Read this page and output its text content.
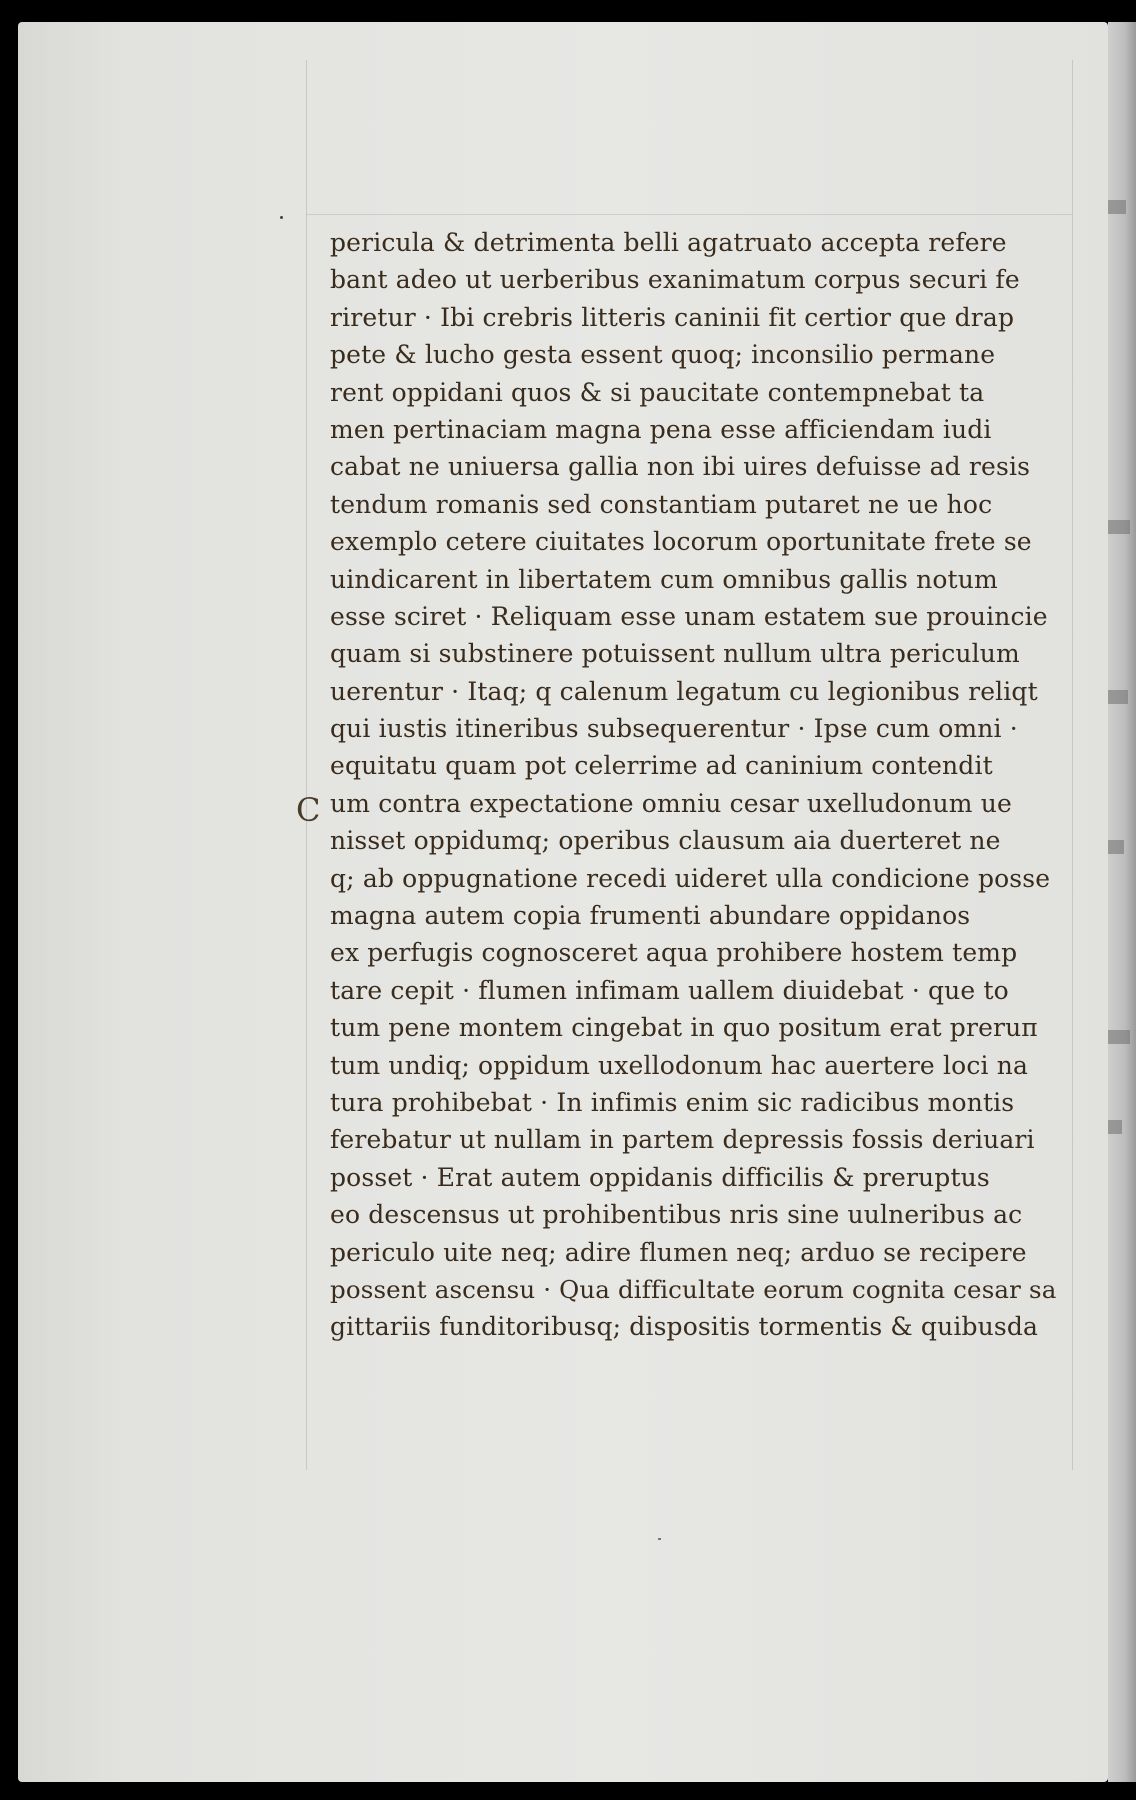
C
pericula & detrimenta belli agatruato accepta refere
bant adeo ut uerberibus exanimatum corpus securi fe
riretur · Ibi crebris litteris caninii fit certior que drap
pete & lucho gesta essent quoq; inconsilio permane
rent oppidani quos & si paucitate contempnebat ta
men pertinaciam magna pena esse afficiendam iudi
cabat ne uniuersa gallia non ibi uires defuisse ad resis
tendum romanis sed constantiam putaret ne ue hoc
exemplo cetere ciuitates locorum oportunitate frete se
uindicarent in libertatem cum omnibus gallis notum
esse sciret · Reliquam esse unam estatem sue prouincie
quam si substinere potuissent nullum ultra periculum
uerentur · Itaq; q calenum legatum cu legionibus reliqt
qui iustis itineribus subsequerentur · Ipse cum omni ·
equitatu quam pot celerrime ad caninium contendit
um contra expectatione omniu cesar uxelludonum ue
nisset oppidumq; operibus clausum aia duerteret ne
q; ab oppugnatione recedi uideret ulla condicione posse
magna autem copia frumenti abundare oppidanos
ex perfugis cognosceret aqua prohibere hostem temp
tare cepit · flumen infimam uallem diuidebat · que to
tum pene montem cingebat in quo positum erat preruп
tum undiq; oppidum uxellodonum hac auertere loci na
tura prohibebat · In infimis enim sic radicibus montis
ferebatur ut nullam in partem depressis fossis deriuari
posset · Erat autem oppidanis difficilis & preruptus
eo descensus ut prohibentibus nris sine uulneribus ac
periculo uite neq; adire flumen neq; arduo se recipere
possent ascensu · Qua difficultate eorum cognita cesar sa
gittariis funditoribusq; dispositis tormentis & quibusda
